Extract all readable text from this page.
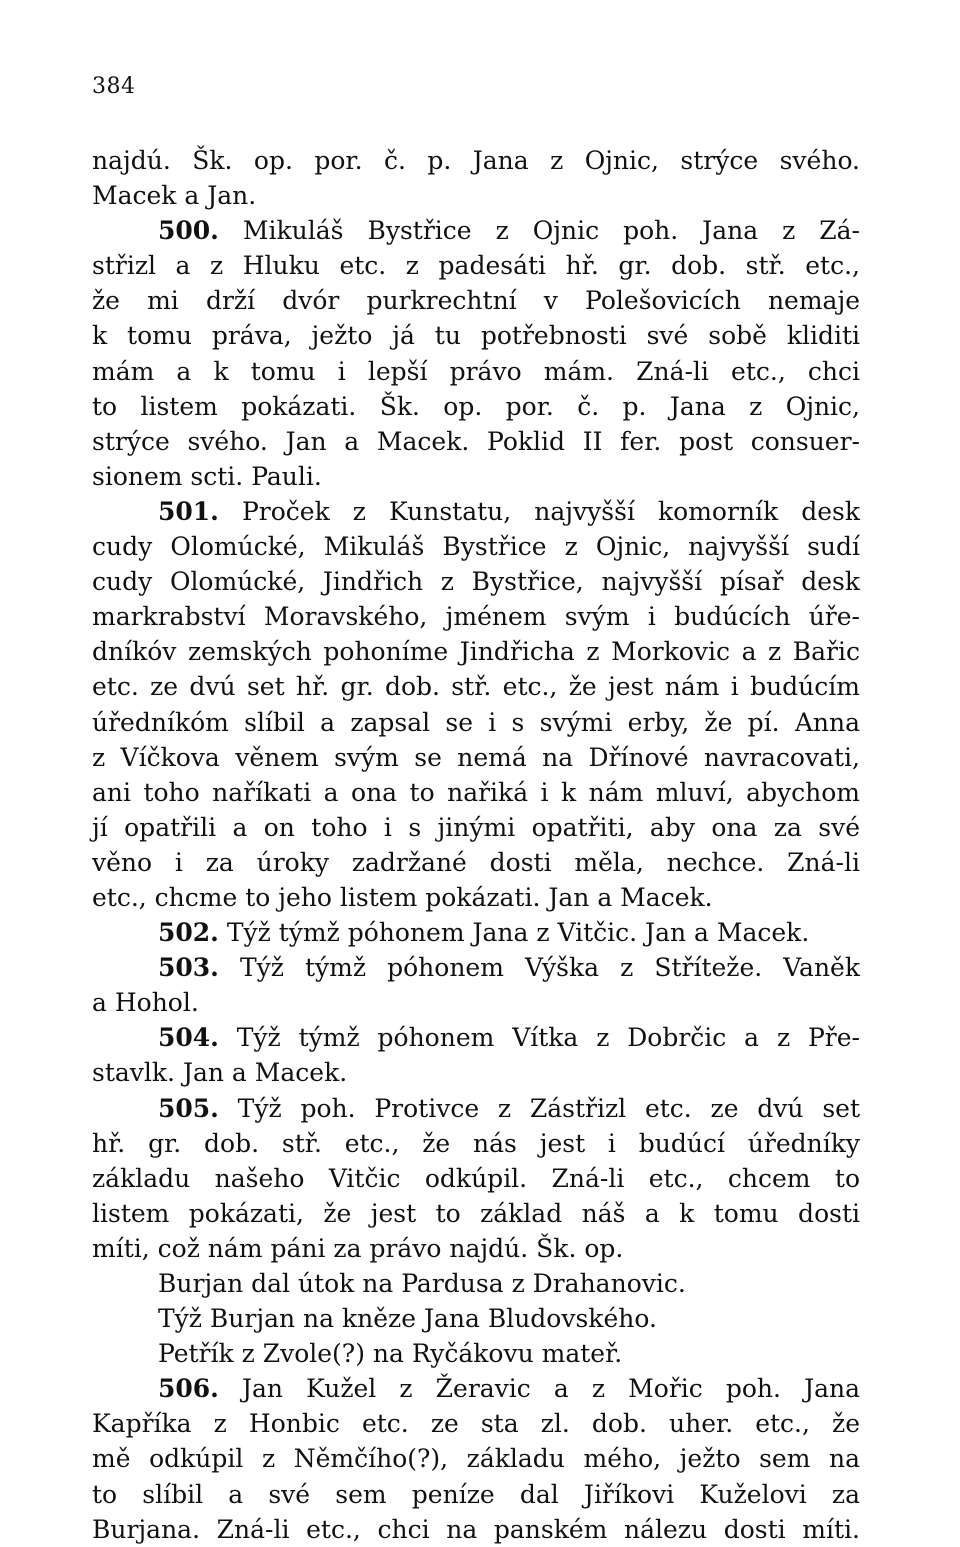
384
najdú. Šk. op. por. č. p. Jana z Ojnic, strýce svého.
Macek a Jan.
500. Mikuláš Bystřice z Ojnic poh. Jana z Zá-
střizl a z Hluku etc. z padesáti hř. gr. dob. stř. etc.,
že mi drží dvór purkrechtní v Polešovicích nemaje
k tomu práva, ježto já tu potřebnosti své sobě kliditi
mám a k tomu i lepší právo mám. Zná-li etc., chci
to listem pokázati. Šk. op. por. č. p. Jana z Ojnic,
strýce svého. Jan a Macek. Poklid II fer. post consuer-
sionem scti. Pauli.
501. Proček z Kunstatu, najvyšší komorník desk
cudy Olomúcké, Mikuláš Bystřice z Ojnic, najvyšší sudí
cudy Olomúcké, Jindřich z Bystřice, najvyšší písař desk
markrabství Moravského, jménem svým i budúcích úře-
dníkóv zemských pohoníme Jindřicha z Morkovic a z Bařic
etc. ze dvú set hř. gr. dob. stř. etc., že jest nám i budúcím
úředníkóm slíbil a zapsal se i s svými erby, že pí. Anna
z Víčkova věnem svým se nemá na Dřínové navracovati,
ani toho naříkati a ona to nařiká i k nám mluví, abychom
jí opatřili a on toho i s jinými opatřiti, aby ona za své
věno i za úroky zadržané dosti měla, nechce. Zná-li
etc., chcme to jeho listem pokázati. Jan a Macek.
502. Týž týmž póhonem Jana z Vitčic. Jan a Macek.
503. Týž týmž póhonem Výška z Stříteže. Vaněk
a Hohol.
504. Týž týmž póhonem Vítka z Dobrčic a z Pře-
stavlk. Jan a Macek.
505. Týž poh. Protivce z Zástřizl etc. ze dvú set
hř. gr. dob. stř. etc., že nás jest i budúcí úředníky
základu našeho Vitčic odkúpil. Zná-li etc., chcem to
listem pokázati, že jest to základ náš a k tomu dosti
míti, což nám páni za právo najdú. Šk. op.
Burjan dal útok na Pardusa z Drahanovic.
Týž Burjan na kněze Jana Bludovského.
Petřík z Zvole(?) na Ryčákovu mateř.
506. Jan Kužel z Žeravic a z Mořic poh. Jana
Kapříka z Honbic etc. ze sta zl. dob. uher. etc., že
mě odkúpil z Němčího(?), základu mého, ježto sem na
to slíbil a své sem peníze dal Jiříkovi Kuželovi za
Burjana. Zná-li etc., chci na panském nálezu dosti míti.
